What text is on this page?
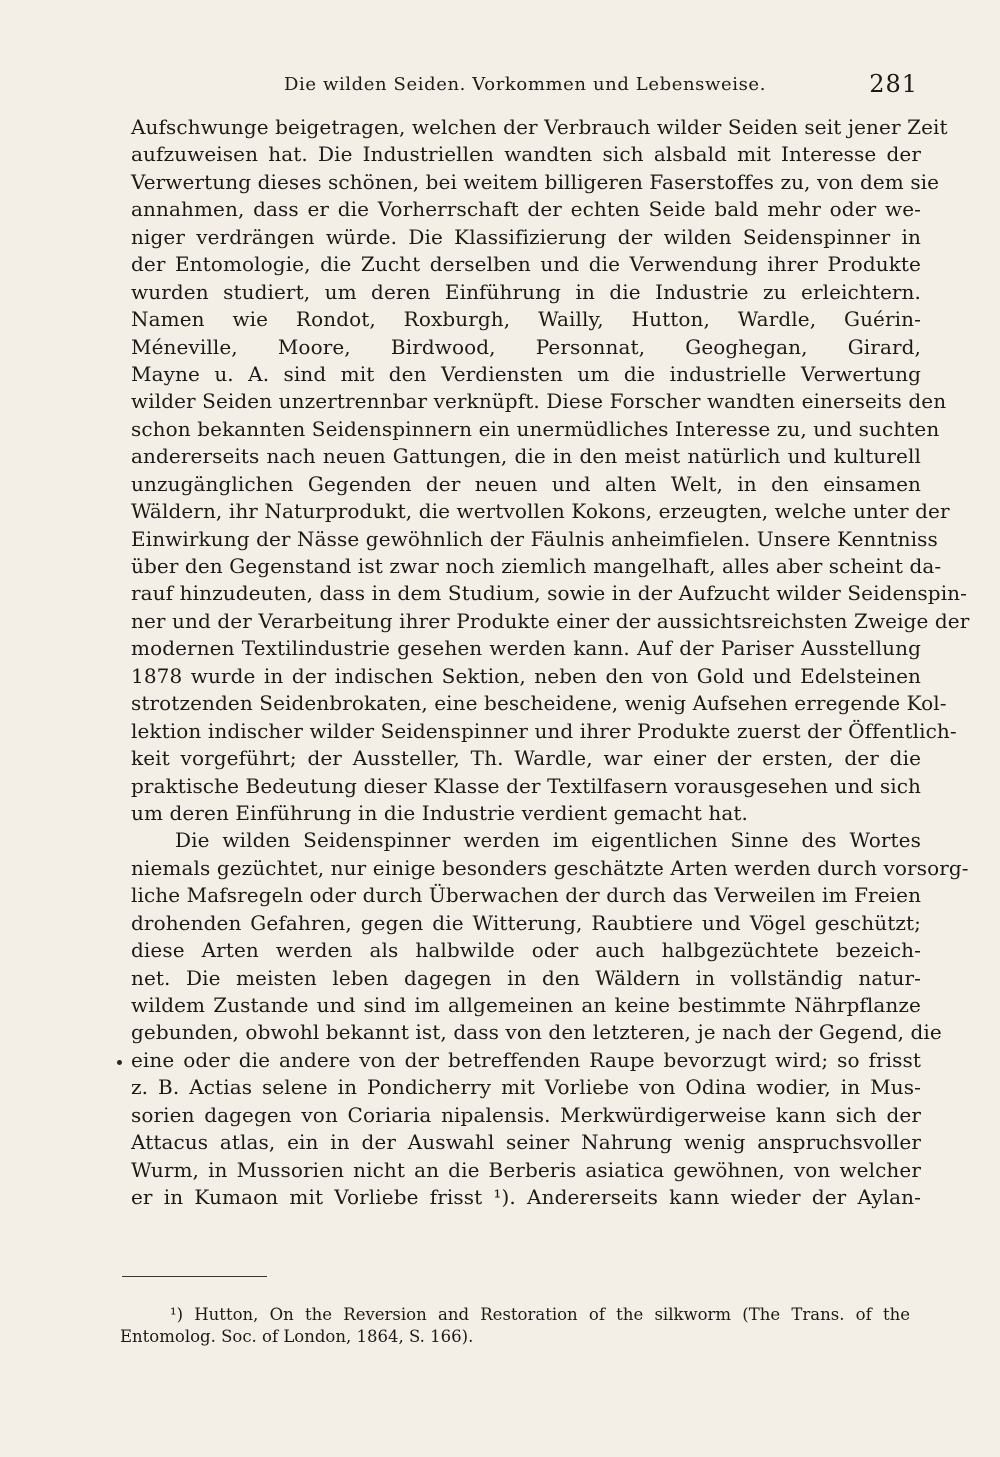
Die wilden Seiden. Vorkommen und Lebensweise.	281
Aufschwunge beigetragen, welchen der Verbrauch wilder Seiden seit jener Zeit
aufzuweisen hat. Die Industriellen wandten sich alsbald mit Interesse der
Verwertung dieses schönen, bei weitem billigeren Faserstoffes zu, von dem sie
annahmen, dass er die Vorherrschaft der echten Seide bald mehr oder we-
niger verdrängen würde. Die Klassifizierung der wilden Seidenspinner in
der Entomologie, die Zucht derselben und die Verwendung ihrer Produkte
wurden studiert, um deren Einführung in die Industrie zu erleichtern.
Namen wie Rondot, Roxburgh, Wailly, Hutton, Wardle, Guérin-
Méneville, Moore, Birdwood, Personnat, Geoghegan, Girard,
Mayne u. A. sind mit den Verdiensten um die industrielle Verwertung
wilder Seiden unzertrennbar verknüpft. Diese Forscher wandten einerseits den
schon bekannten Seidenspinnern ein unermüdliches Interesse zu, und suchten
andererseits nach neuen Gattungen, die in den meist natürlich und kulturell
unzugänglichen Gegenden der neuen und alten Welt, in den einsamen
Wäldern, ihr Naturprodukt, die wertvollen Kokons, erzeugten, welche unter der
Einwirkung der Nässe gewöhnlich der Fäulnis anheimfielen. Unsere Kenntniss
über den Gegenstand ist zwar noch ziemlich mangelhaft, alles aber scheint da-
rauf hinzudeuten, dass in dem Studium, sowie in der Aufzucht wilder Seidenspin-
ner und der Verarbeitung ihrer Produkte einer der aussichtsreichsten Zweige der
modernen Textilindustrie gesehen werden kann. Auf der Pariser Ausstellung
1878 wurde in der indischen Sektion, neben den von Gold und Edelsteinen
strotzenden Seidenbrokaten, eine bescheidene, wenig Aufsehen erregende Kol-
lektion indischer wilder Seidenspinner und ihrer Produkte zuerst der Öffentlich-
keit vorgeführt; der Aussteller, Th. Wardle, war einer der ersten, der die
praktische Bedeutung dieser Klasse der Textilfasern vorausgesehen und sich
um deren Einführung in die Industrie verdient gemacht hat.
Die wilden Seidenspinner werden im eigentlichen Sinne des Wortes
niemals gezüchtet, nur einige besonders geschätzte Arten werden durch vorsorg-
liche Mafsregeln oder durch Überwachen der durch das Verweilen im Freien
drohenden Gefahren, gegen die Witterung, Raubtiere und Vögel geschützt;
diese Arten werden als halbwilde oder auch halbgezüchtete bezeich-
net. Die meisten leben dagegen in den Wäldern in vollständig natur-
wildem Zustande und sind im allgemeinen an keine bestimmte Nährpflanze
gebunden, obwohl bekannt ist, dass von den letzteren, je nach der Gegend, die
eine oder die andere von der betreffenden Raupe bevorzugt wird; so frisst
z. B. Actias selene in Pondicherry mit Vorliebe von Odina wodier, in Mus-
sorien dagegen von Coriaria nipalensis. Merkwürdigerweise kann sich der
Attacus atlas, ein in der Auswahl seiner Nahrung wenig anspruchsvoller
Wurm, in Mussorien nicht an die Berberis asiatica gewöhnen, von welcher
er in Kumaon mit Vorliebe frisst ¹). Andererseits kann wieder der Aylan-
¹) Hutton, On the Reversion and Restoration of the silkworm (The Trans. of the
Entomolog. Soc. of London, 1864, S. 166).
